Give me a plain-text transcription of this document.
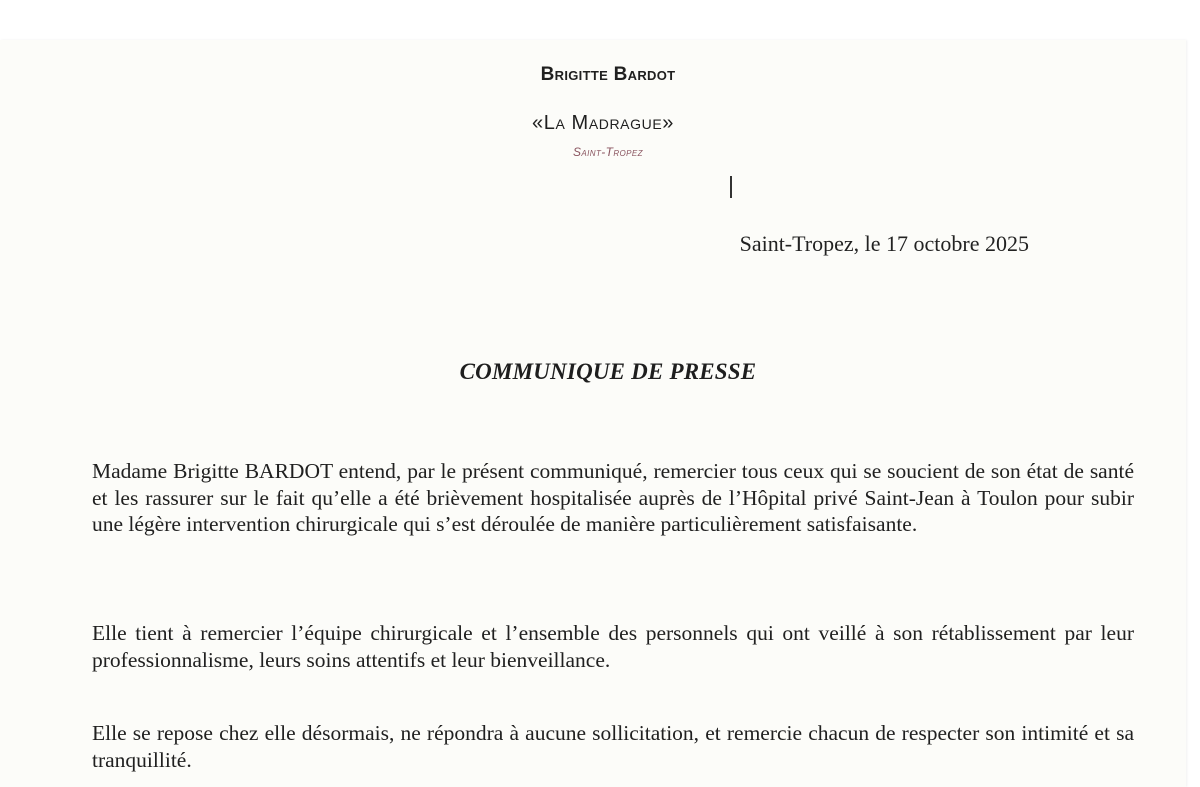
Brigitte Bardot
«La Madrague»
Saint-Tropez
Saint-Tropez, le 17 octobre 2025
COMMUNIQUE DE PRESSE
Madame Brigitte BARDOT entend, par le présent communiqué, remercier tous ceux qui se soucient de son état de santé et les rassurer sur le fait qu’elle a été brièvement hospitalisée auprès de l’Hôpital privé Saint-Jean à Toulon pour subir une légère intervention chirurgicale qui s’est déroulée de manière particulièrement satisfaisante.
Elle tient à remercier l’équipe chirurgicale et l’ensemble des personnels qui ont veillé à son rétablissement par leur professionnalisme, leurs soins attentifs et leur bienveillance.
Elle se repose chez elle désormais, ne répondra à aucune sollicitation, et remercie chacun de respecter son intimité et sa tranquillité.
